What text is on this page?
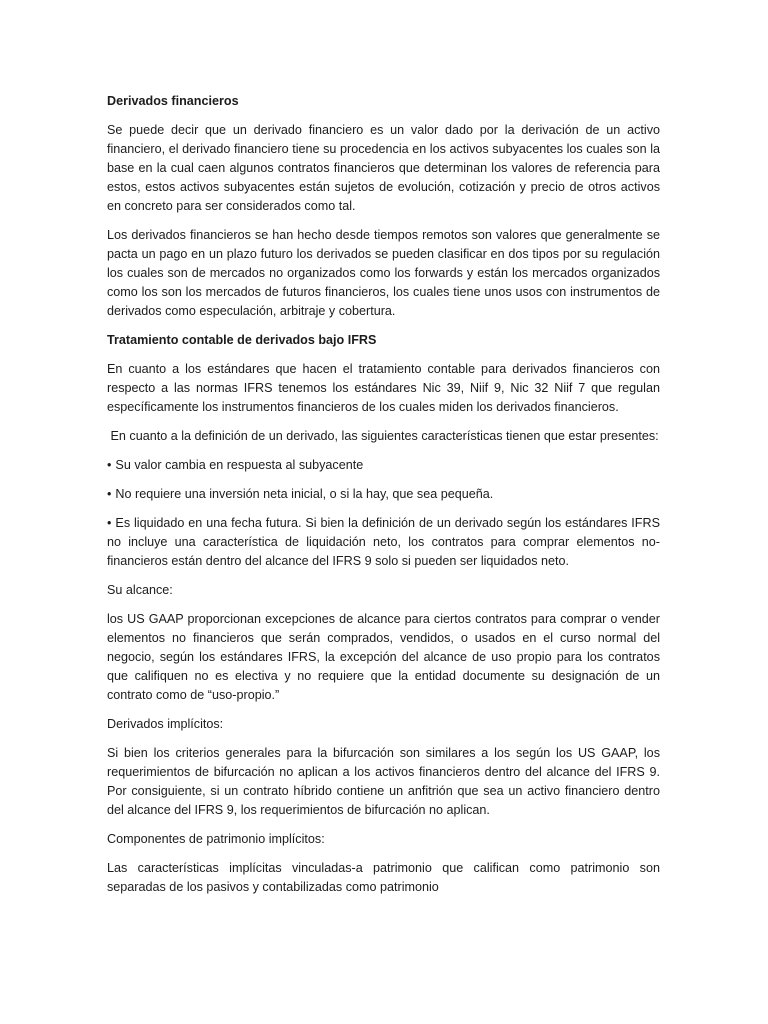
Derivados financieros

Se puede decir que un derivado financiero es un valor dado por la derivación de un activo financiero, el derivado financiero tiene su procedencia en los activos subyacentes los cuales son la base en la cual caen algunos contratos financieros que determinan los valores de referencia para estos, estos activos subyacentes están sujetos de evolución, cotización y precio de otros activos en concreto para ser considerados como tal.

Los derivados financieros se han hecho desde tiempos remotos son valores que generalmente se pacta un pago en un plazo futuro los derivados se pueden clasificar en dos tipos por su regulación los cuales son de mercados no organizados como los forwards y están los mercados organizados como los son los mercados de futuros financieros, los cuales tiene unos usos con instrumentos de derivados como especulación, arbitraje y cobertura.

Tratamiento contable de derivados bajo IFRS

En cuanto a los estándares que hacen el tratamiento contable para derivados financieros con respecto a las normas IFRS tenemos los estándares Nic 39, Niif 9, Nic 32 Niif 7 que regulan específicamente los instrumentos financieros de los cuales miden los derivados financieros.

En cuanto a la definición de un derivado, las siguientes características tienen que estar presentes:

• Su valor cambia en respuesta al subyacente

• No requiere una inversión neta inicial, o si la hay, que sea pequeña.

• Es liquidado en una fecha futura. Si bien la definición de un derivado según los estándares IFRS no incluye una característica de liquidación neto, los contratos para comprar elementos no-financieros están dentro del alcance del IFRS 9 solo si pueden ser liquidados neto.

Su alcance:

los US GAAP proporcionan excepciones de alcance para ciertos contratos para comprar o vender elementos no financieros que serán comprados, vendidos, o usados en el curso normal del negocio, según los estándares IFRS, la excepción del alcance de uso propio para los contratos que califiquen no es electiva y no requiere que la entidad documente su designación de un contrato como de “uso-propio.”

Derivados implícitos:

Si bien los criterios generales para la bifurcación son similares a los según los US GAAP, los requerimientos de bifurcación no aplican a los activos financieros dentro del alcance del IFRS 9. Por consiguiente, si un contrato híbrido contiene un anfitrión que sea un activo financiero dentro del alcance del IFRS 9, los requerimientos de bifurcación no aplican.

Componentes de patrimonio implícitos:

Las características implícitas vinculadas-a patrimonio que califican como patrimonio son separadas de los pasivos y contabilizadas como patrimonio
